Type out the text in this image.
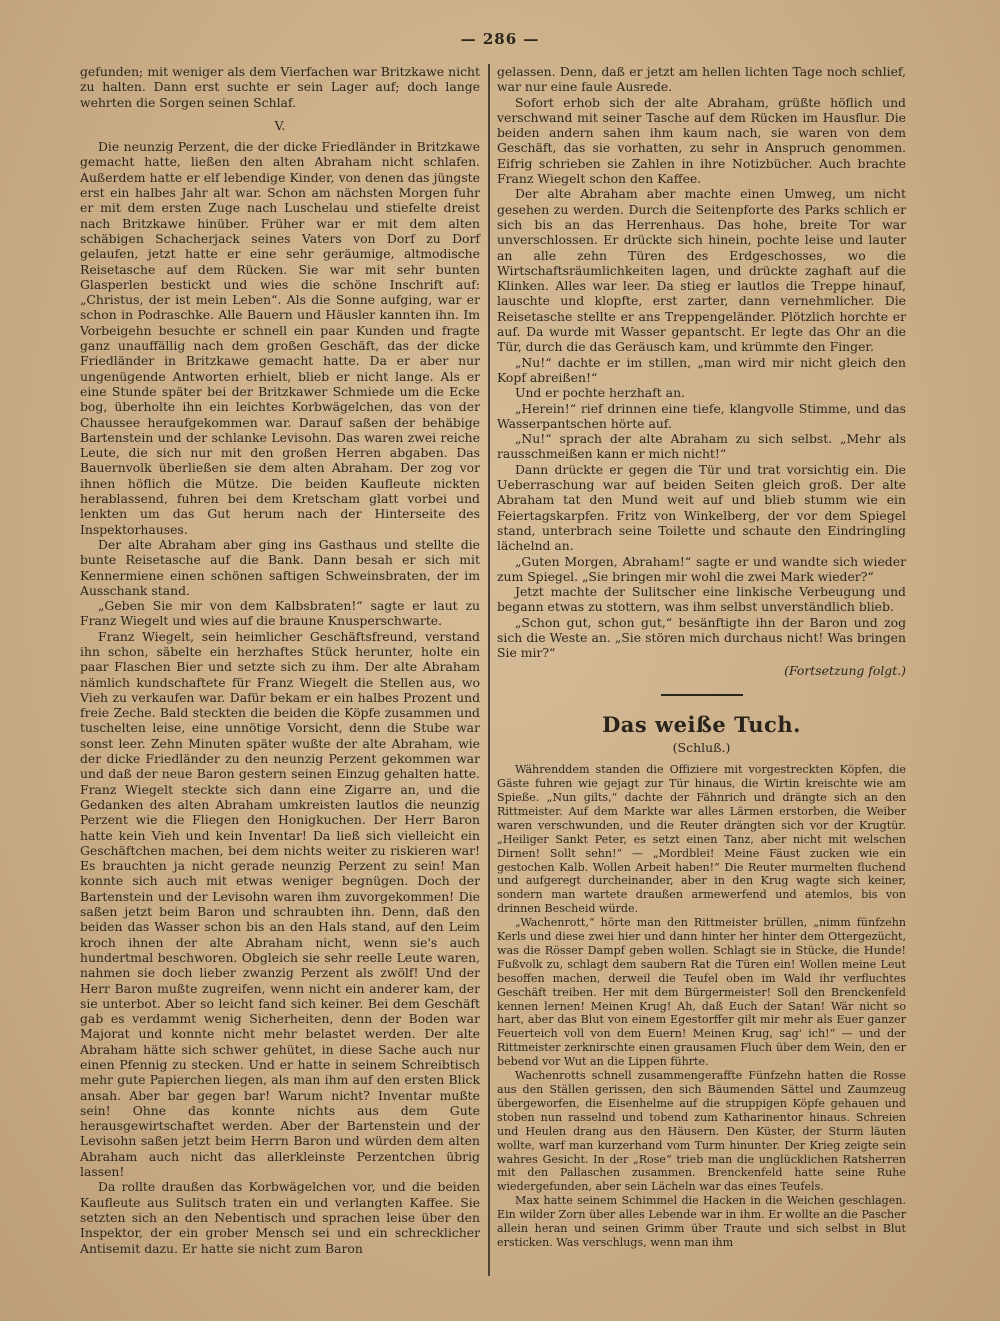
— 286 —

gefunden; mit weniger als dem Vierfachen war Britzkawe nicht zu halten. Dann erst suchte er sein Lager auf; doch lange wehrten die Sorgen seinen Schlaf.

V.

Die neunzig Perzent, die der dicke Friedländer in Britzkawe gemacht hatte, ließen den alten Abraham nicht schlafen. Außerdem hatte er elf lebendige Kinder, von denen das jüngste erst ein halbes Jahr alt war. Schon am nächsten Morgen fuhr er mit dem ersten Zuge nach Luschelau und stiefelte dreist nach Britzkawe hinüber. Früher war er mit dem alten schäbigen Schacherjack seines Vaters von Dorf zu Dorf gelaufen, jetzt hatte er eine sehr geräumige, altmodische Reisetasche auf dem Rücken. Sie war mit sehr bunten Glasperlen bestickt und wies die schöne Inschrift auf: „Christus, der ist mein Leben“. Als die Sonne aufging, war er schon in Podraschke. Alle Bauern und Häusler kannten ihn. Im Vorbeigehn besuchte er schnell ein paar Kunden und fragte ganz unauffällig nach dem großen Geschäft, das der dicke Friedländer in Britzkawe gemacht hatte. Da er aber nur ungenügende Antworten erhielt, blieb er nicht lange. Als er eine Stunde später bei der Britzkawer Schmiede um die Ecke bog, überholte ihn ein leichtes Korbwägelchen, das von der Chaussee heraufgekommen war. Darauf saßen der behäbige Bartenstein und der schlanke Levisohn. Das waren zwei reiche Leute, die sich nur mit den großen Herren abgaben. Das Bauernvolk überließen sie dem alten Abraham. Der zog vor ihnen höflich die Mütze. Die beiden Kaufleute nickten herablassend, fuhren bei dem Kretscham glatt vorbei und lenkten um das Gut herum nach der Hinterseite des Inspektorhauses.

Der alte Abraham aber ging ins Gasthaus und stellte die bunte Reisetasche auf die Bank. Dann besah er sich mit Kennermiene einen schönen saftigen Schweinsbraten, der im Ausschank stand.

„Geben Sie mir von dem Kalbsbraten!“ sagte er laut zu Franz Wiegelt und wies auf die braune Knusperschwarte.

Franz Wiegelt, sein heimlicher Geschäftsfreund, verstand ihn schon, säbelte ein herzhaftes Stück herunter, holte ein paar Flaschen Bier und setzte sich zu ihm. Der alte Abraham nämlich kundschaftete für Franz Wiegelt die Stellen aus, wo Vieh zu verkaufen war. Dafür bekam er ein halbes Prozent und freie Zeche. Bald steckten die beiden die Köpfe zusammen und tuschelten leise, eine unnötige Vorsicht, denn die Stube war sonst leer. Zehn Minuten später wußte der alte Abraham, wie der dicke Friedländer zu den neunzig Perzent gekommen war und daß der neue Baron gestern seinen Einzug gehalten hatte. Franz Wiegelt steckte sich dann eine Zigarre an, und die Gedanken des alten Abraham umkreisten lautlos die neunzig Perzent wie die Fliegen den Honigkuchen. Der Herr Baron hatte kein Vieh und kein Inventar! Da ließ sich vielleicht ein Geschäftchen machen, bei dem nichts weiter zu riskieren war! Es brauchten ja nicht gerade neunzig Perzent zu sein! Man konnte sich auch mit etwas weniger begnügen. Doch der Bartenstein und der Levisohn waren ihm zuvorgekommen! Die saßen jetzt beim Baron und schraubten ihn. Denn, daß den beiden das Wasser schon bis an den Hals stand, auf den Leim kroch ihnen der alte Abraham nicht, wenn sie's auch hundertmal beschworen. Obgleich sie sehr reelle Leute waren, nahmen sie doch lieber zwanzig Perzent als zwölf! Und der Herr Baron mußte zugreifen, wenn nicht ein anderer kam, der sie unterbot. Aber so leicht fand sich keiner. Bei dem Geschäft gab es verdammt wenig Sicherheiten, denn der Boden war Majorat und konnte nicht mehr belastet werden. Der alte Abraham hätte sich schwer gehütet, in diese Sache auch nur einen Pfennig zu stecken. Und er hatte in seinem Schreibtisch mehr gute Papierchen liegen, als man ihm auf den ersten Blick ansah. Aber bar gegen bar! Warum nicht? Inventar mußte sein! Ohne das konnte nichts aus dem Gute herausgewirtschaftet werden. Aber der Bartenstein und der Levisohn saßen jetzt beim Herrn Baron und würden dem alten Abraham auch nicht das allerkleinste Perzentchen übrig lassen!

Da rollte draußen das Korbwägelchen vor, und die beiden Kaufleute aus Sulitsch traten ein und verlangten Kaffee. Sie setzten sich an den Nebentisch und sprachen leise über den Inspektor, der ein grober Mensch sei und ein schrecklicher Antisemit dazu. Er hatte sie nicht zum Baron

gelassen. Denn, daß er jetzt am hellen lichten Tage noch schlief, war nur eine faule Ausrede.

Sofort erhob sich der alte Abraham, grüßte höflich und verschwand mit seiner Tasche auf dem Rücken im Hausflur. Die beiden andern sahen ihm kaum nach, sie waren von dem Geschäft, das sie vorhatten, zu sehr in Anspruch genommen. Eifrig schrieben sie Zahlen in ihre Notizbücher. Auch brachte Franz Wiegelt schon den Kaffee.

Der alte Abraham aber machte einen Umweg, um nicht gesehen zu werden. Durch die Seitenpforte des Parks schlich er sich bis an das Herrenhaus. Das hohe, breite Tor war unverschlossen. Er drückte sich hinein, pochte leise und lauter an alle zehn Türen des Erdgeschosses, wo die Wirtschaftsräumlichkeiten lagen, und drückte zaghaft auf die Klinken. Alles war leer. Da stieg er lautlos die Treppe hinauf, lauschte und klopfte, erst zarter, dann vernehmlicher. Die Reisetasche stellte er ans Treppengeländer. Plötzlich horchte er auf. Da wurde mit Wasser gepantscht. Er legte das Ohr an die Tür, durch die das Geräusch kam, und krümmte den Finger.

„Nu!“ dachte er im stillen, „man wird mir nicht gleich den Kopf abreißen!“

Und er pochte herzhaft an.

„Herein!“ rief drinnen eine tiefe, klangvolle Stimme, und das Wasserpantschen hörte auf.

„Nu!“ sprach der alte Abraham zu sich selbst. „Mehr als rausschmeißen kann er mich nicht!“

Dann drückte er gegen die Tür und trat vorsichtig ein. Die Ueberraschung war auf beiden Seiten gleich groß. Der alte Abraham tat den Mund weit auf und blieb stumm wie ein Feiertagskarpfen. Fritz von Winkelberg, der vor dem Spiegel stand, unterbrach seine Toilette und schaute den Eindringling lächelnd an.

„Guten Morgen, Abraham!“ sagte er und wandte sich wieder zum Spiegel. „Sie bringen mir wohl die zwei Mark wieder?“

Jetzt machte der Sulitscher eine linkische Verbeugung und begann etwas zu stottern, was ihm selbst unverständlich blieb.

„Schon gut, schon gut,“ besänftigte ihn der Baron und zog sich die Weste an. „Sie stören mich durchaus nicht! Was bringen Sie mir?“

(Fortsetzung folgt.)
Das weiße Tuch.
(Schluß.)

Währenddem standen die Offiziere mit vorgestreckten Köpfen, die Gäste fuhren wie gejagt zur Tür hinaus, die Wirtin kreischte wie am Spieße. „Nun gilts,“ dachte der Fähnrich und drängte sich an den Rittmeister. Auf dem Markte war alles Lärmen erstorben, die Weiber waren verschwunden, und die Reuter drängten sich vor der Krugtür. „Heiliger Sankt Peter, es setzt einen Tanz, aber nicht mit welschen Dirnen! Sollt sehn!“ — „Mordblei! Meine Fäust zucken wie ein gestochen Kalb. Wollen Arbeit haben!“ Die Reuter murmelten fluchend und aufgeregt durcheinander, aber in den Krug wagte sich keiner, sondern man wartete draußen armewerfend und atemlos, bis von drinnen Bescheid würde.

„Wachenrott,“ hörte man den Rittmeister brüllen, „nimm fünfzehn Kerls und diese zwei hier und dann hinter her hinter dem Ottergezücht, was die Rösser Dampf geben wollen. Schlagt sie in Stücke, die Hunde! Fußvolk zu, schlagt dem saubern Rat die Türen ein! Wollen meine Leut besoffen machen, derweil die Teufel oben im Wald ihr verfluchtes Geschäft treiben. Her mit dem Bürgermeister! Soll den Brenckenfeld kennen lernen! Meinen Krug! Ah, daß Euch der Satan! Wär nicht so hart, aber das Blut von einem Egestorffer gilt mir mehr als Euer ganzer Feuerteich voll von dem Euern! Meinen Krug, sag' ich!“ — und der Rittmeister zerknirschte einen grausamen Fluch über dem Wein, den er bebend vor Wut an die Lippen führte.

Wachenrotts schnell zusammengeraffte Fünfzehn hatten die Rosse aus den Ställen gerissen, den sich Bäumenden Sättel und Zaumzeug übergeworfen, die Eisenhelme auf die struppigen Köpfe gehauen und stoben nun rasselnd und tobend zum Katharinentor hinaus. Schreien und Heulen drang aus den Häusern. Den Küster, der Sturm läuten wollte, warf man kurzerhand vom Turm hinunter. Der Krieg zeigte sein wahres Gesicht. In der „Rose“ trieb man die unglücklichen Ratsherren mit den Pallaschen zusammen. Brenckenfeld hatte seine Ruhe wiedergefunden, aber sein Lächeln war das eines Teufels.

Max hatte seinem Schimmel die Hacken in die Weichen geschlagen. Ein wilder Zorn über alles Lebende war in ihm. Er wollte an die Pascher allein heran und seinen Grimm über Traute und sich selbst in Blut ersticken. Was verschlugs, wenn man ihm
